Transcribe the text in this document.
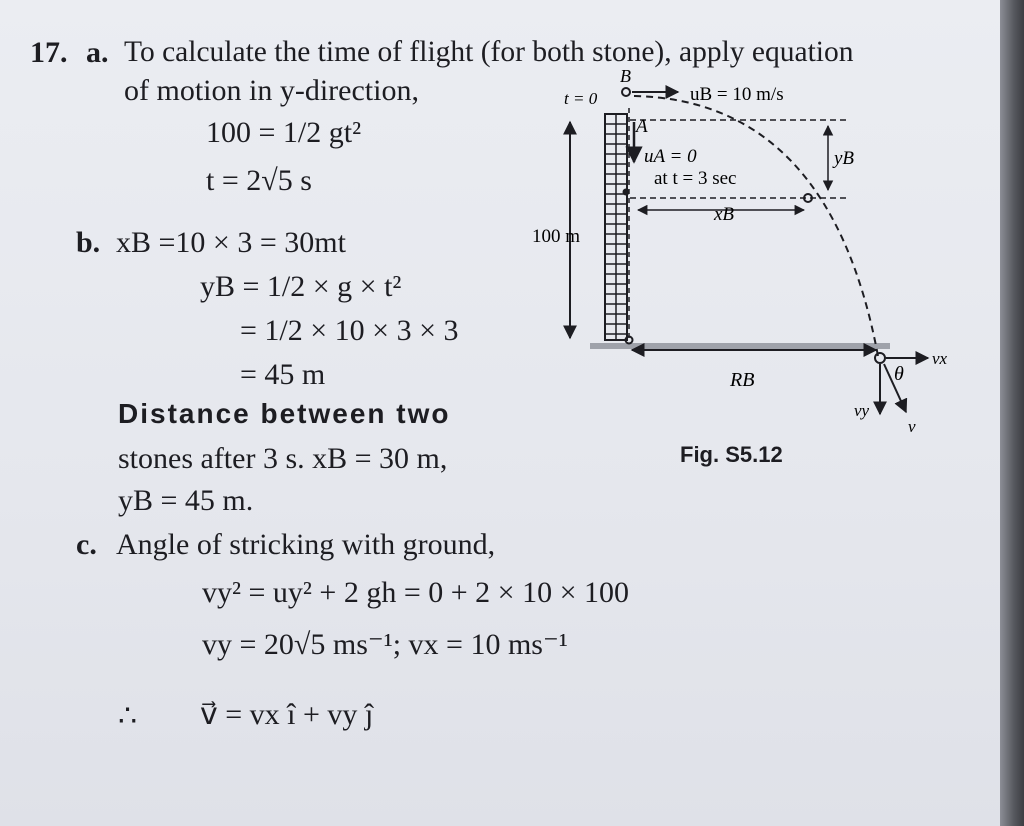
17. a. To calculate the time of flight (for both stone), apply equation
of motion in y-direction,
100 = 1/2 gt²
t = 2√5 s
b. xB =10 × 3 = 30mt
yB = 1/2 × g × t²
= 1/2 × 10 × 3 × 3
= 45 m
Distance between two
stones after 3 s. xB = 30 m,
yB = 45 m.
c. Angle of stricking with ground,
vy² = uy² + 2 gh = 0 + 2 × 10 × 100
vy = 20√5 ms⁻¹; vx = 10 ms⁻¹
∴ v⃗ = vx î + vy ĵ
Fig. S5.12
t = 0
B
uB = 10 m/s
A
uA = 0
at t = 3 sec
xB
yB
100 m
RB	θ
vx
vy
v
